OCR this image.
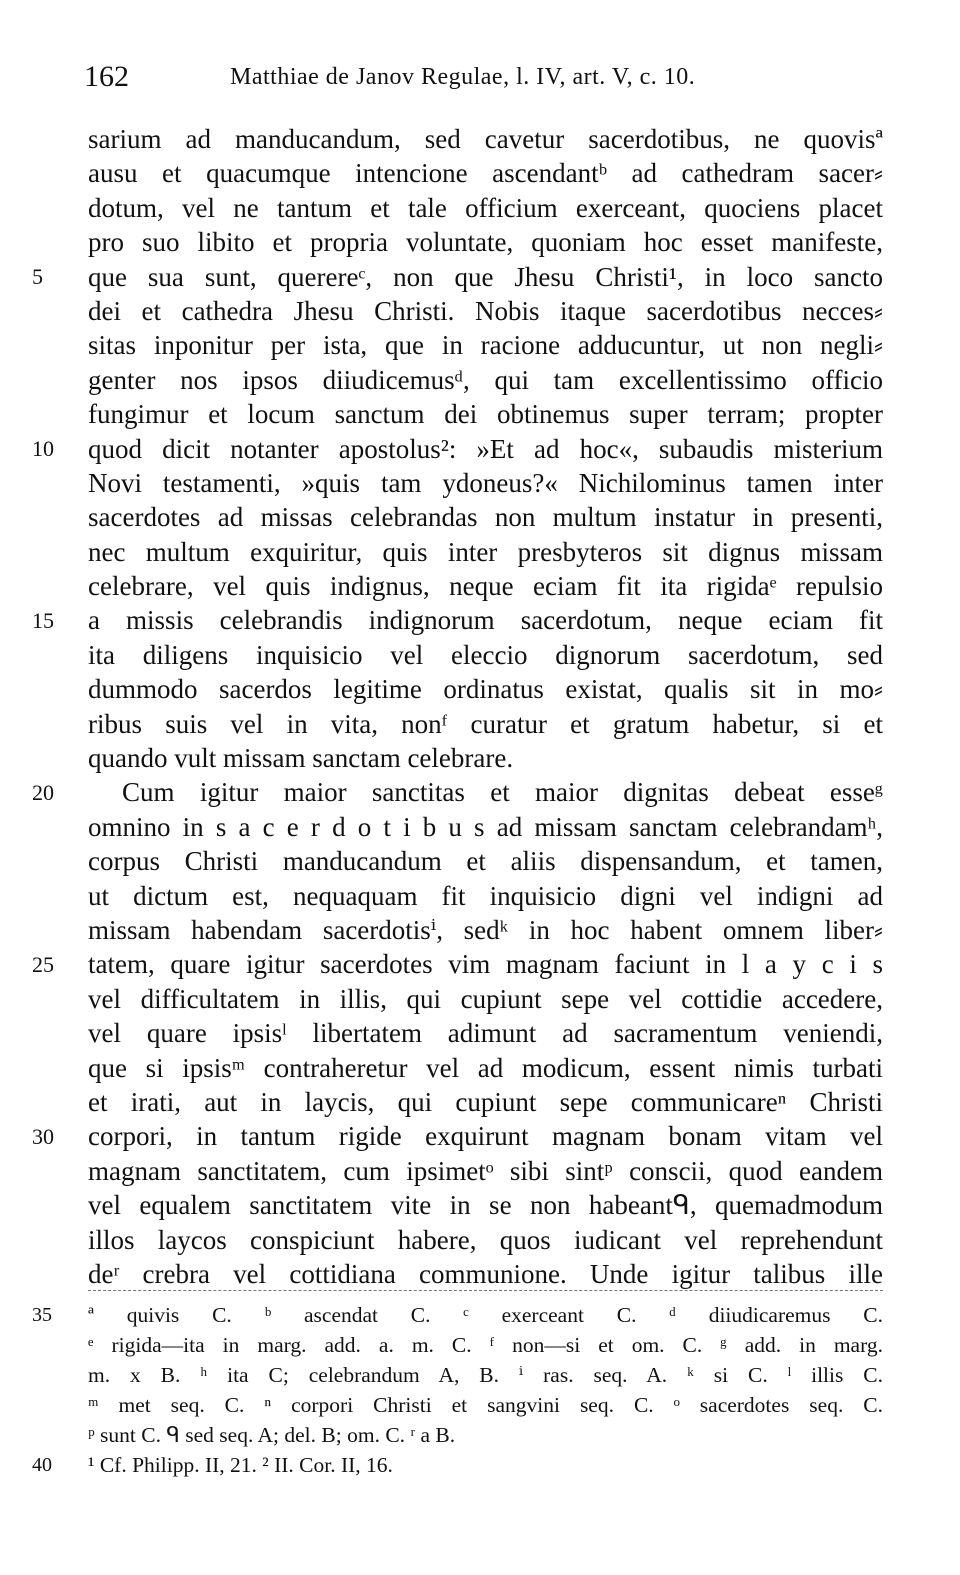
162	Matthiae de Janov Regulae, l. IV, art. V, c. 10.
5
10
15
20
25
30
sarium ad manducandum, sed cavetur sacerdotibus, ne quovisª
ausu et quacumque intencione ascendantᵇ ad cathedram sacer⸗
dotum, vel ne tantum et tale officium exerceant, quociens placet
pro suo libito et propria voluntate, quoniam hoc esset manifeste,
que sua sunt, querereᶜ, non que Jhesu Christi¹, in loco sancto
dei et cathedra Jhesu Christi. Nobis itaque sacerdotibus necces⸗
sitas inponitur per ista, que in racione adducuntur, ut non negli⸗
genter nos ipsos diiudicemusᵈ, qui tam excellentissimo officio
fungimur et locum sanctum dei obtinemus super terram; propter
quod dicit notanter apostolus²: »Et ad hoc«, subaudis misterium
Novi testamenti, »quis tam ydoneus?« Nichilominus tamen inter
sacerdotes ad missas celebrandas non multum instatur in presenti,
nec multum exquiritur, quis inter presbyteros sit dignus missam
celebrare, vel quis indignus, neque eciam fit ita rigidaᵉ repulsio
a missis celebrandis indignorum sacerdotum, neque eciam fit
ita diligens inquisicio vel eleccio dignorum sacerdotum, sed
dummodo sacerdos legitime ordinatus existat, qualis sit in mo⸗
ribus suis vel in vita, nonᶠ curatur et gratum habetur, si et
quando vult missam sanctam celebrare.
Cum igitur maior sanctitas et maior dignitas debeat esseᵍ
omnino in s a c e r d o t i b u s ad missam sanctam celebrandamʰ,
corpus Christi manducandum et aliis dispensandum, et tamen,
ut dictum est, nequaquam fit inquisicio digni vel indigni ad
missam habendam sacerdotisⁱ, sedᵏ in hoc habent omnem liber⸗
tatem, quare igitur sacerdotes vim magnam faciunt in l a y c i s
vel difficultatem in illis, qui cupiunt sepe vel cottidie accedere,
vel quare ipsisˡ libertatem adimunt ad sacramentum veniendi,
que si ipsisᵐ contraheretur vel ad modicum, essent nimis turbati
et irati, aut in laycis, qui cupiunt sepe communicareⁿ Christi
corpori, in tantum rigide exquirunt magnam bonam vitam vel
magnam sanctitatem, cum ipsimetᵒ sibi sintᵖ conscii, quod eandem
vel equalem sanctitatem vite in se non habeantᑫ, quemadmodum
illos laycos conspiciunt habere, quos iudicant vel reprehendunt
deʳ crebra vel cottidiana communione. Unde igitur talibus ille
35
40
ª quivis C. ᵇ ascendat C. ᶜ exerceant C. ᵈ diiudicaremus C.
ᵉ rigida—ita in marg. add. a. m. C. ᶠ non—si et om. C. ᵍ add. in marg.
m. x B. ʰ ita C; celebrandum A, B. ⁱ ras. seq. A. ᵏ si C. ˡ illis C.
ᵐ met seq. C. ⁿ corpori Christi et sangvini seq. C. ᵒ sacerdotes seq. C.
ᵖ sunt C. ᑫ sed seq. A; del. B; om. C. ʳ a B.
¹ Cf. Philipp. II, 21. ² II. Cor. II, 16.
